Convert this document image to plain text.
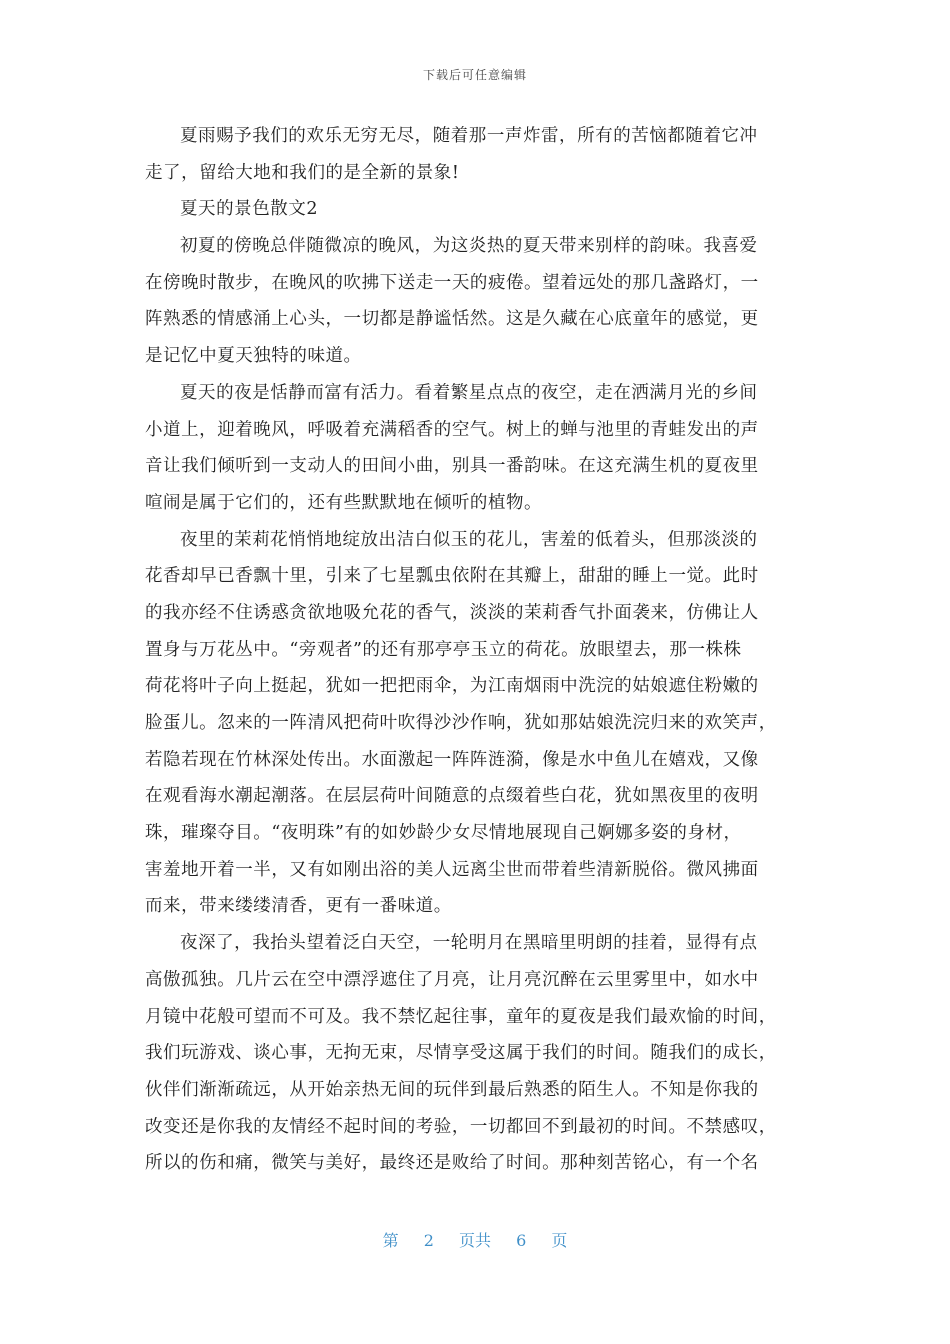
下载后可任意编辑
夏雨赐予我们的欢乐无穷无尽，随着那一声炸雷，所有的苦恼都随着它冲
走了，留给大地和我们的是全新的景象!
夏天的景色散文2
初夏的傍晚总伴随微凉的晚风，为这炎热的夏天带来别样的韵味。我喜爱
在傍晚时散步，在晚风的吹拂下送走一天的疲倦。望着远处的那几盏路灯，一
阵熟悉的情感涌上心头，一切都是静谧恬然。这是久藏在心底童年的感觉，更
是记忆中夏天独特的味道。
夏天的夜是恬静而富有活力。看着繁星点点的夜空，走在洒满月光的乡间
小道上，迎着晚风，呼吸着充满稻香的空气。树上的蝉与池里的青蛙发出的声
音让我们倾听到一支动人的田间小曲，别具一番韵味。在这充满生机的夏夜里
喧闹是属于它们的，还有些默默地在倾听的植物。
夜里的茉莉花悄悄地绽放出洁白似玉的花儿，害羞的低着头，但那淡淡的
花香却早已香飘十里，引来了七星瓢虫依附在其瓣上，甜甜的睡上一觉。此时
的我亦经不住诱惑贪欲地吸允花的香气，淡淡的茉莉香气扑面袭来，仿佛让人
置身与万花丛中。“旁观者”的还有那亭亭玉立的荷花。放眼望去，那一株株
荷花将叶子向上挺起，犹如一把把雨伞，为江南烟雨中洗浣的姑娘遮住粉嫩的
脸蛋儿。忽来的一阵清风把荷叶吹得沙沙作响，犹如那姑娘洗浣归来的欢笑声，
若隐若现在竹林深处传出。水面激起一阵阵涟漪，像是水中鱼儿在嬉戏，又像
在观看海水潮起潮落。在层层荷叶间随意的点缀着些白花，犹如黑夜里的夜明
珠，璀璨夺目。“夜明珠”有的如妙龄少女尽情地展现自己婀娜多姿的身材，
害羞地开着一半，又有如刚出浴的美人远离尘世而带着些清新脱俗。微风拂面
而来，带来缕缕清香，更有一番味道。
夜深了，我抬头望着泛白天空，一轮明月在黑暗里明朗的挂着，显得有点
高傲孤独。几片云在空中漂浮遮住了月亮，让月亮沉醉在云里雾里中，如水中
月镜中花般可望而不可及。我不禁忆起往事，童年的夏夜是我们最欢愉的时间，
我们玩游戏、谈心事，无拘无束，尽情享受这属于我们的时间。随我们的成长，
伙伴们渐渐疏远，从开始亲热无间的玩伴到最后熟悉的陌生人。不知是你我的
改变还是你我的友情经不起时间的考验，一切都回不到最初的时间。不禁感叹，
所以的伤和痛，微笑与美好，最终还是败给了时间。那种刻苦铭心，有一个名
第 2 页共 6 页
